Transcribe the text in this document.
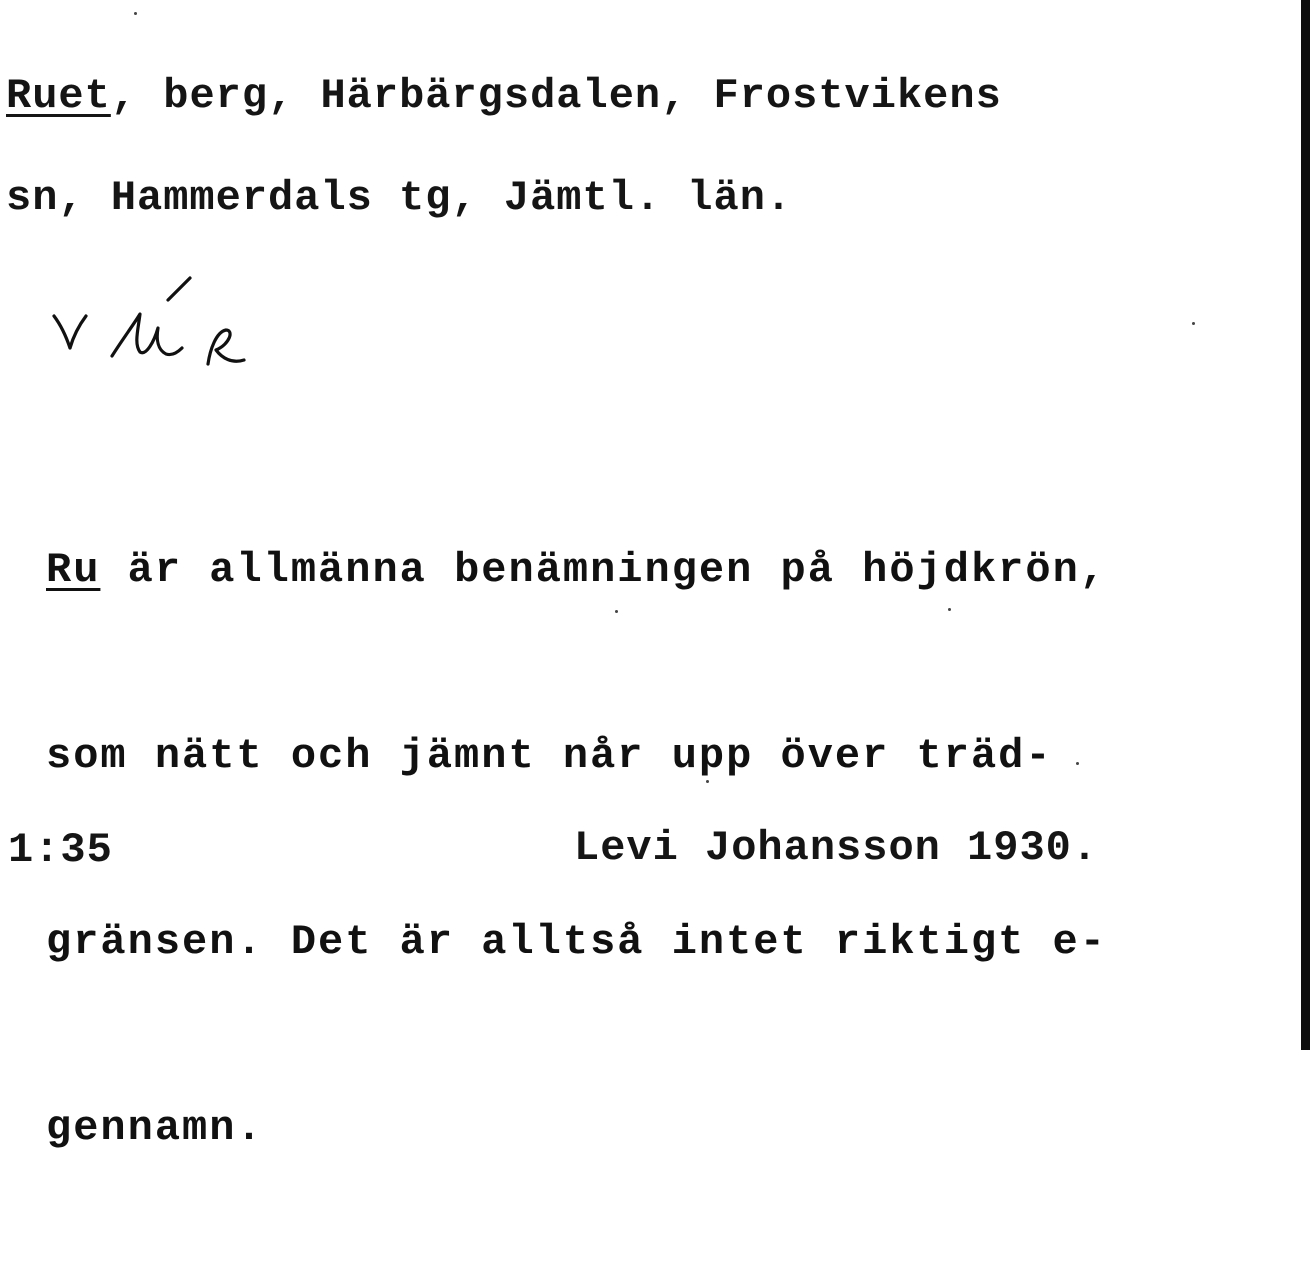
Ruet, berg, Härbärgsdalen, Frostvikens
sn, Hammerdals tg, Jämtl. län.

Ru är allmänna benämningen på höjdkrön,

som nätt och jämnt når upp över träd-

gränsen. Det är alltså intet riktigt e-

gennamn.

1:35	Levi Johansson 1930.
